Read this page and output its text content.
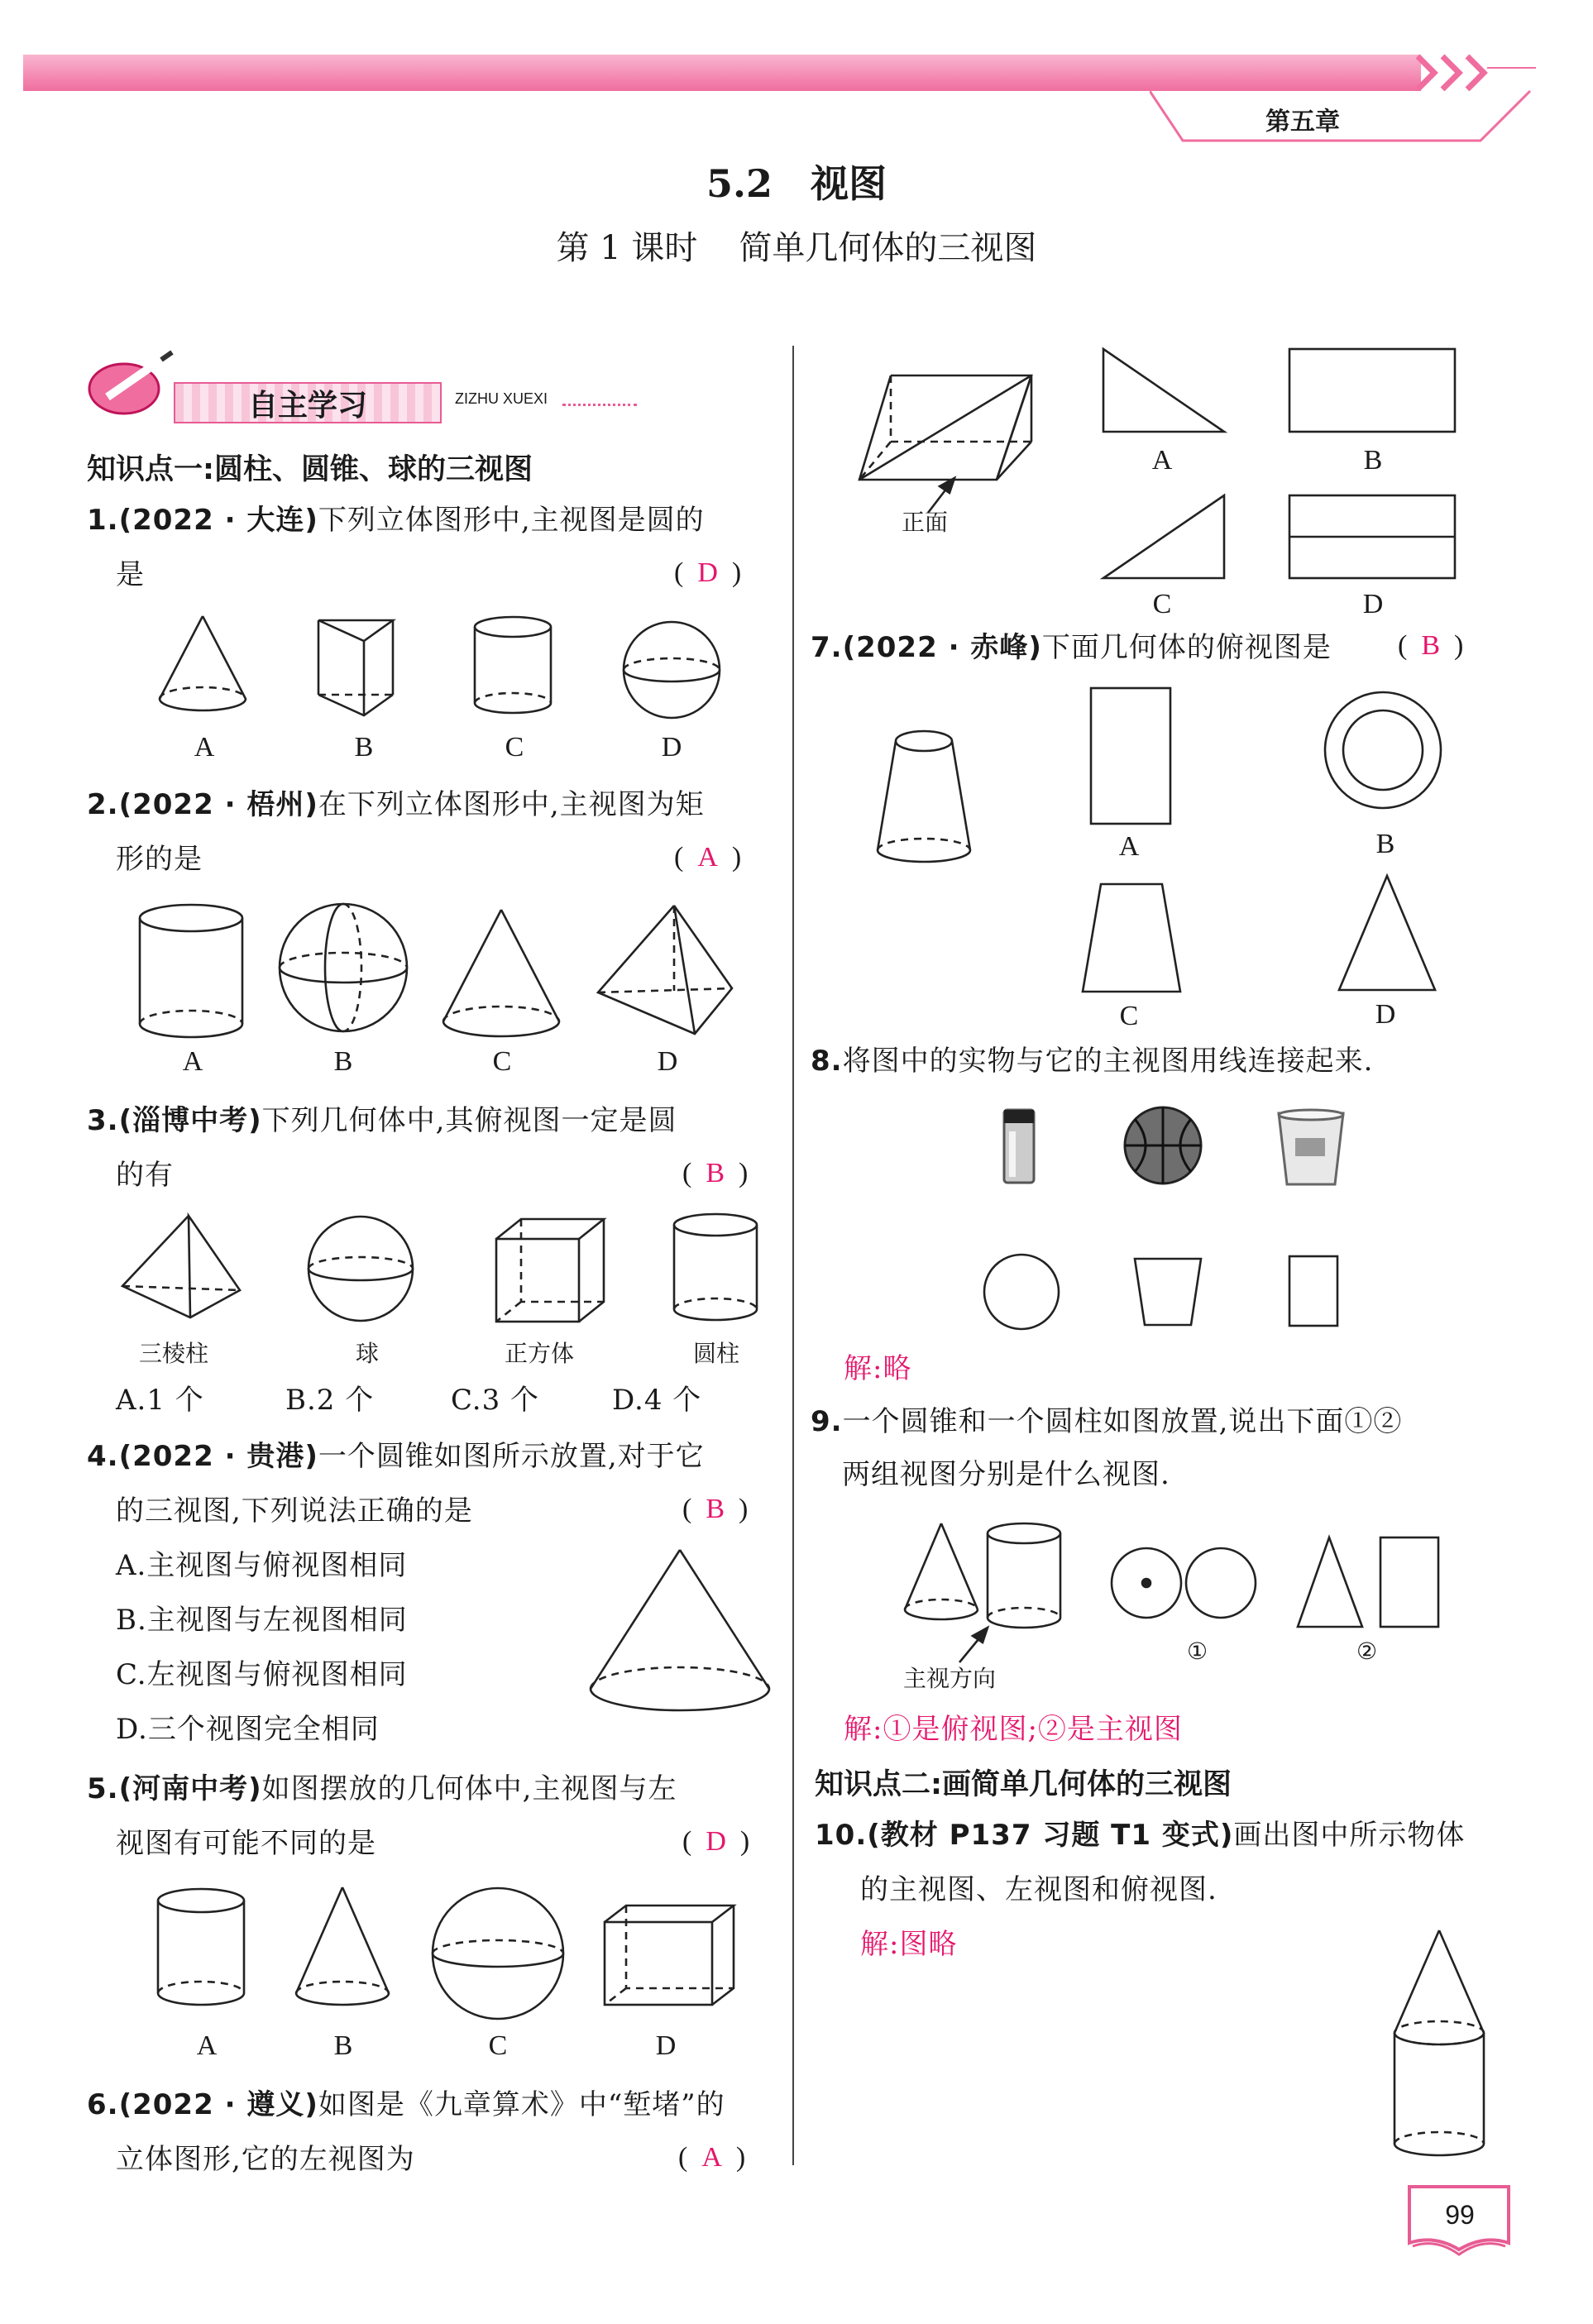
第五章
5.2　视图
第 1 课时 简单几何体的三视图
自主学习	ZIZHU XUEXI
知识点一:圆柱、圆锥、球的三视图
1.(2022 · 大连)下列立体图形中,主视图是圆的
是	(  D  )
A	B	C	D
2.(2022 · 梧州)在下列立体图形中,主视图为矩
形的是	(  A  )
A	B	C	D
3.(淄博中考)下列几何体中,其俯视图一定是圆
的有	(  B  )
三棱柱	球	正方体	圆柱
A.1 个	B.2 个	C.3 个	D.4 个
4.(2022 · 贵港)一个圆锥如图所示放置,对于它
的三视图,下列说法正确的是	(  B  )
A.主视图与俯视图相同
B.主视图与左视图相同
C.左视图与俯视图相同
D.三个视图完全相同
5.(河南中考)如图摆放的几何体中,主视图与左
视图有可能不同的是	(  D  )
A	B	C	D
6.(2022 · 遵义)如图是《九章算术》中“堑堵”的
立体图形,它的左视图为	(  A  )
正面
A	B
C	D
7.(2022 · 赤峰)下面几何体的俯视图是 (  B  )
A	B
C	D
8.将图中的实物与它的主视图用线连接起来.
解:略
9.一个圆锥和一个圆柱如图放置,说出下面①②
两组视图分别是什么视图.
主视方向
①	②
解:①是俯视图;②是主视图
知识点二:画简单几何体的三视图
10.(教材 P137 习题 T1 变式)画出图中所示物体
的主视图、左视图和俯视图.
解:图略
99
